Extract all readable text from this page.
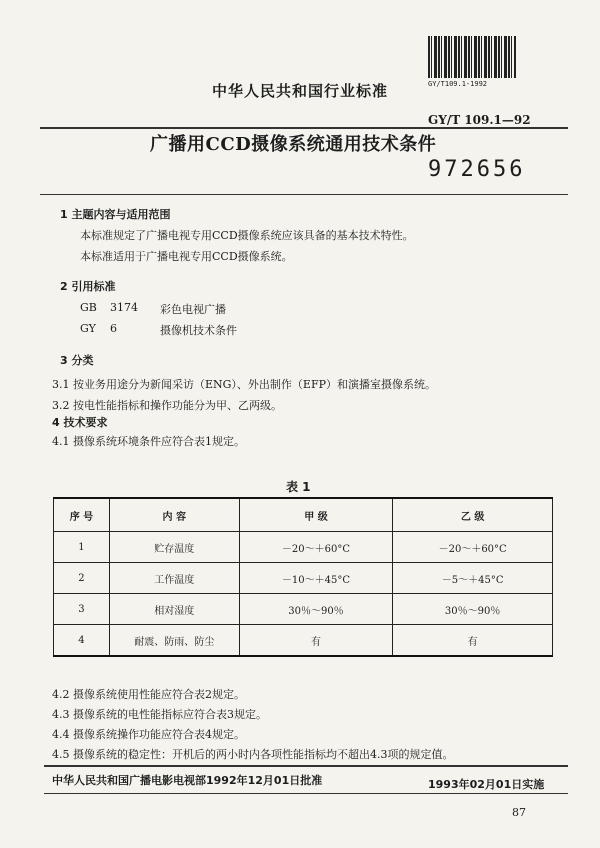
GY/T109.1-1992
中华人民共和国行业标准
GY/T 109.1—92
广播用CCD摄像系统通用技术条件
972656
1 主题内容与适用范围
本标准规定了广播电视专用CCD摄像系统应该具备的基本技术特性。
本标准适用于广播电视专用CCD摄像系统。
2 引用标准
GB 3174 彩色电视广播
GY 6	摄像机技术条件
3 分类
3.1 按业务用途分为新闻采访（ENG）、外出制作（EFP）和演播室摄像系统。
3.2 按电性能指标和操作功能分为甲、乙两级。
4 技术要求
4.1 摄像系统环境条件应符合表1规定。
表 1
序 号	内 容	甲 级	乙 级
1	贮存温度	－20～＋60°C	－20～＋60°C
2	工作温度	－10～＋45°C	－5～＋45°C
3	相对湿度	30％～90％	30％～90％
4	耐震、防雨、防尘	有	有
4.2 摄像系统使用性能应符合表2规定。
4.3 摄像系统的电性能指标应符合表3规定。
4.4 摄像系统操作功能应符合表4规定。
4.5 摄像系统的稳定性：开机后的两小时内各项性能指标均不超出4.3项的规定值。
中华人民共和国广播电影电视部1992年12月01日批准	1993年02月01日实施
87
